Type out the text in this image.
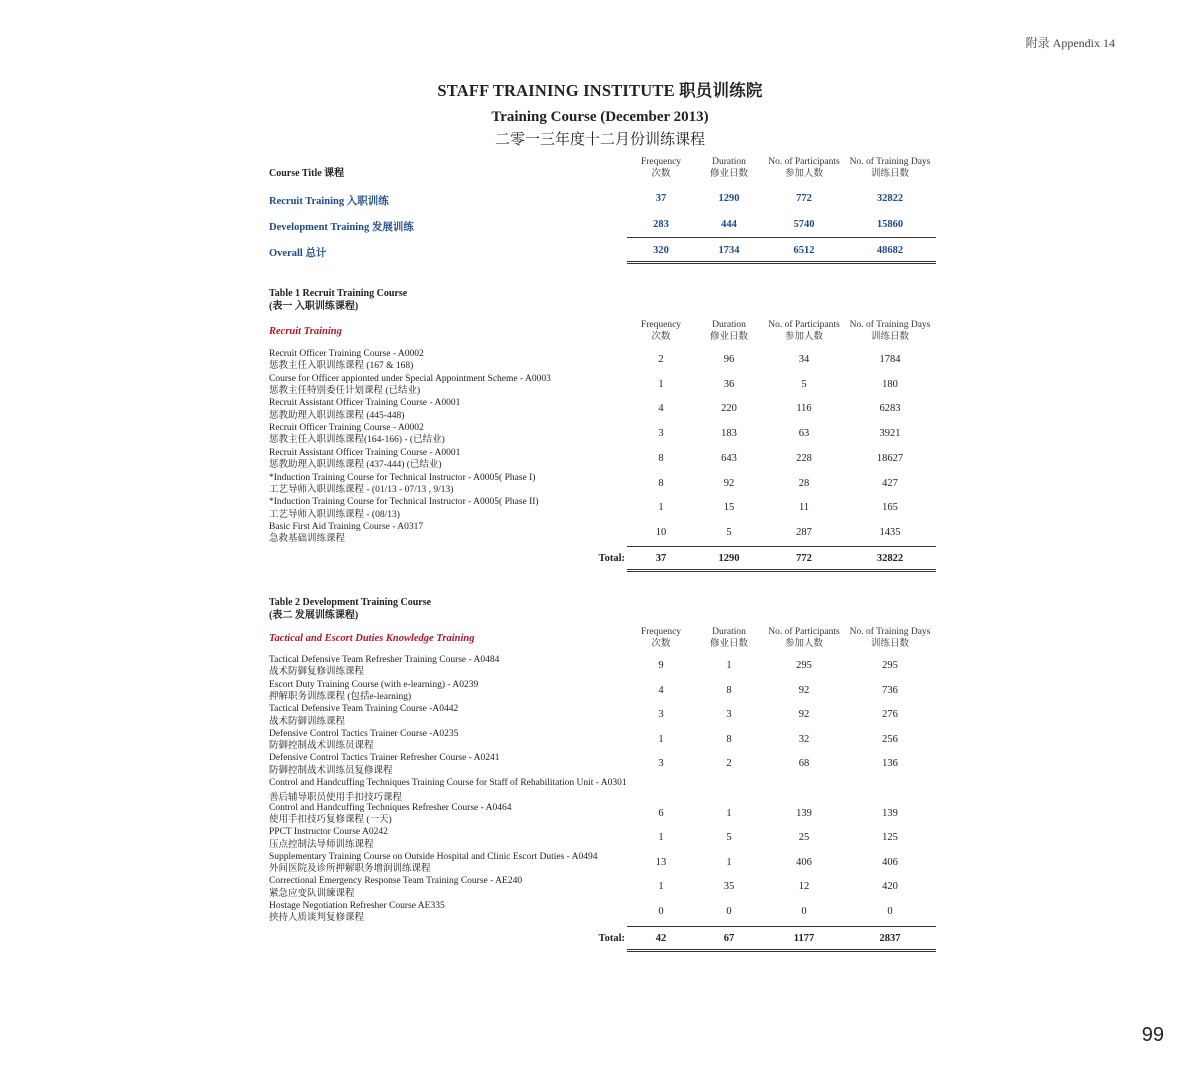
附录 Appendix 14
STAFF TRAINING INSTITUTE 职员训练院
Training Course (December 2013)
二零一三年度十二月份训练课程
Course Title 课程
Frequency
次数
Duration
修业日数
No. of Participants
参加人数
No. of Training Days
训练日数
Recruit Training 入职训练	37	1290	772	32822
Development Training 发展训练	283	444	5740	15860
Overall 总计	320	1734	6512	48682
Table 1 Recruit Training Course
(表一 入职训练课程)
Recruit Training
Frequency
次数
Duration
修业日数
No. of Participants
参加人数
No. of Training Days
训练日数
Recruit Officer Training Course - A0002
惩教主任入职训练课程 (167 & 168)
2	96	34	1784
Course for Officer appionted under Special Appointment Scheme - A0003
惩教主任特别委任计划课程 (已结业)
1	36	5	180
Recruit Assistant Officer Training Course - A0001
惩教助理入职训练课程 (445-448)
4	220	116	6283
Recruit Officer Training Course - A0002
惩教主任入职训练课程(164-166) - (已结业)
3	183	63	3921
Recruit Assistant Officer Training Course - A0001
惩教助理入职训练课程 (437-444) (已结业)
8	643	228	18627
*Induction Training Course for Technical Instructor - A0005( Phase I)
工艺导师入职训练课程 - (01/13 - 07/13 , 9/13)
8	92	28	427
*Induction Training Course for Technical Instructor - A0005( Phase II)
工艺导师入职训练课程 - (08/13)
1	15	11	165
Basic First Aid Training Course - A0317
急救基础训练课程
10	5	287	1435
Total:	37	1290	772	32822
Table 2 Development Training Course
(表二 发展训练课程)
Tactical and Escort Duties Knowledge Training
Frequency
次数
Duration
修业日数
No. of Participants
参加人数
No. of Training Days
训练日数
Tactical Defensive Team Refresher Training Course - A0484
战术防御复修训练课程
9	1	295	295
Escort Duty Training Course (with e-learning) - A0239
押解职务训练课程 (包括e-learning)
4	8	92	736
Tactical Defensive Team Training Course -A0442
战术防御训练课程
3	3	92	276
Defensive Control Tactics Trainer Course -A0235
防御控制战术训练员课程
1	8	32	256
Defensive Control Tactics Trainer Refresher Course - A0241
防御控制战术训练员复修课程
3	2	68	136
Control and Handcuffing Techniques Training Course for Staff of Rehabilitation Unit - A0301
善后辅导职员使用手扣技巧课程
Control and Handcuffing Techniques Refresher Course - A0464
使用手扣技巧复修课程 (一天)
6	1	139	139
PPCT Instructor Course A0242
压点控制法导师训练课程
1	5	25	125
Supplementary Training Course on Outside Hospital and Clinic Escort Duties - A0494
外间医院及诊所押解职务增润训练课程
13	1	406	406
Correctional Emergency Response Team Training Course - AE240
紧急应变队训練课程
1	35	12	420
Hostage Negotiation Refresher Course AE335
挟持人质谈判复修课程
0	0	0	0
Total:	42	67	1177	2837
99
